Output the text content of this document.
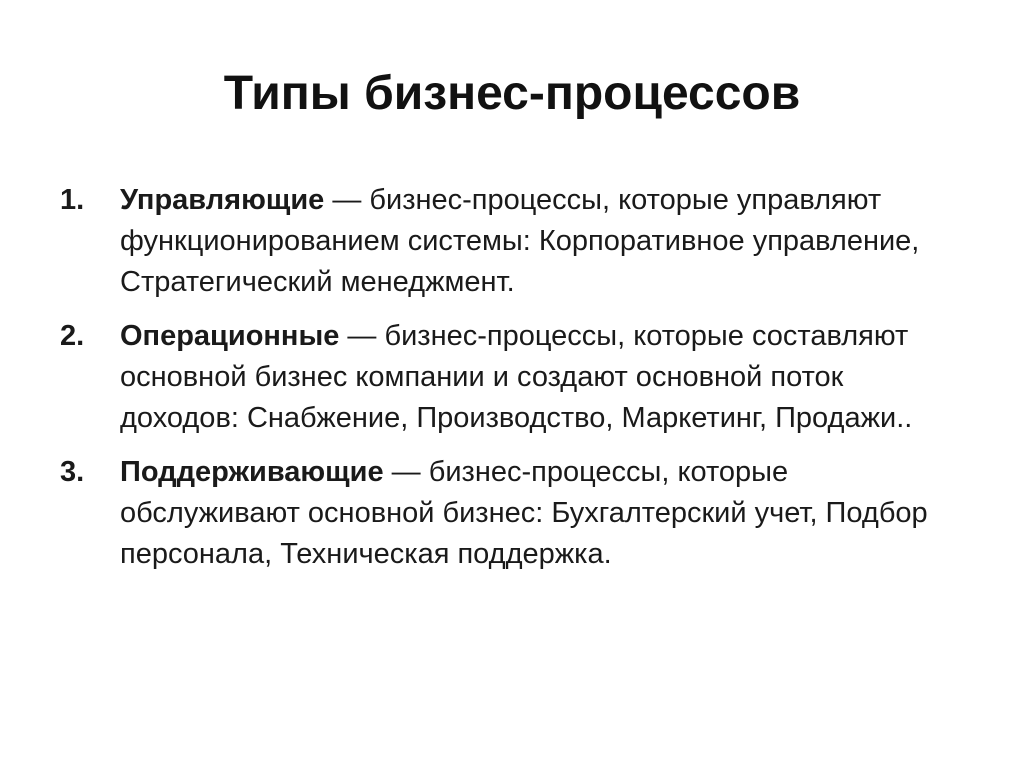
Типы бизнес-процессов
1.	Управляющие — бизнес-процессы, которые управляют функционированием системы: Корпоративное управление, Стратегический менеджмент.
2.	Операционные — бизнес-процессы, которые составляют основной бизнес компании и создают основной поток доходов: Снабжение, Производство, Маркетинг, Продажи..
3.	Поддерживающие — бизнес-процессы, которые обслуживают основной бизнес: Бухгалтерский учет, Подбор персонала, Техническая поддержка.
